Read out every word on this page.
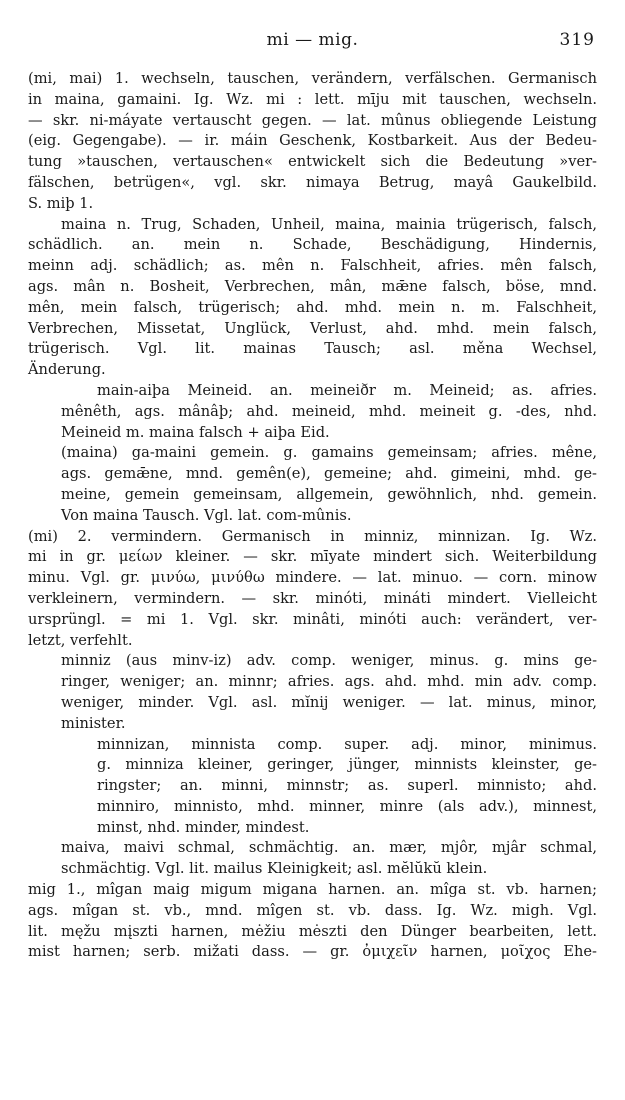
mi — mig.	319
(mi, mai) 1. wechseln, tauschen, verändern, verfälschen. Germanisch
in maina, gamaini. Ig. Wz. mi : lett. mīju mit tauschen, wechseln.
— skr. ni-máyate vertauscht gegen. — lat. mûnus obliegende Leistung
(eig. Gegengabe). — ir. máin Geschenk, Kostbarkeit. Aus der Bedeu-
tung »tauschen, vertauschen« entwickelt sich die Bedeutung »ver-
fälschen, betrügen«, vgl. skr. nimaya Betrug, mayâ Gaukelbild.
S. miþ 1.
maina n. Trug, Schaden, Unheil, maina, mainia trügerisch, falsch,
schädlich. an. mein n. Schade, Beschädigung, Hindernis,
meinn adj. schädlich; as. mên n. Falschheit, afries. mên falsch,
ags. mân n. Bosheit, Verbrechen, mân, mǣne falsch, böse, mnd.
mên, mein falsch, trügerisch; ahd. mhd. mein n. m. Falschheit,
Verbrechen, Missetat, Unglück, Verlust, ahd. mhd. mein falsch,
trügerisch. Vgl. lit. mainas Tausch; asl. měna Wechsel,
Änderung.
main-aiþa Meineid. an. meineiðr m. Meineid; as. afries.
mênêth, ags. mânâþ; ahd. meineid, mhd. meineit g. -des, nhd.
Meineid m. maina falsch + aiþa Eid.
(maina) ga-maini gemein. g. gamains gemeinsam; afries. mêne,
ags. gemǣne, mnd. gemên(e), gemeine; ahd. gimeini, mhd. ge-
meine, gemein gemeinsam, allgemein, gewöhnlich, nhd. gemein.
Von maina Tausch. Vgl. lat. com-mûnis.
(mi) 2. vermindern. Germanisch in minniz, minnizan. Ig. Wz.
mi in gr. μείων kleiner. — skr. mīyate mindert sich. Weiterbildung
minu. Vgl. gr. μινύω, μινύθω mindere. — lat. minuo. — corn. minow
verkleinern, vermindern. — skr. minóti, mináti mindert. Vielleicht
ursprüngl. = mi 1. Vgl. skr. minâti, minóti auch: verändert, ver-
letzt, verfehlt.
minniz (aus minv-iz) adv. comp. weniger, minus. g. mins ge-
ringer, weniger; an. minnr; afries. ags. ahd. mhd. min adv. comp.
weniger, minder. Vgl. asl. mĭnij weniger. — lat. minus, minor,
minister.
minnizan, minnista comp. super. adj. minor, minimus.
g. minniza kleiner, geringer, jünger, minnists kleinster, ge-
ringster; an. minni, minnstr; as. superl. minnisto; ahd.
minniro, minnisto, mhd. minner, minre (als adv.), minnest,
minst, nhd. minder, mindest.
maiva, maivi schmal, schmächtig. an. mær, mjôr, mjâr schmal,
schmächtig. Vgl. lit. mailus Kleinigkeit; asl. mĕlŭkŭ klein.
mig 1., mîgan maig migum migana harnen. an. mîga st. vb. harnen;
ags. mîgan st. vb., mnd. mîgen st. vb. dass. Ig. Wz. migh. Vgl.
lit. męžu mįszti harnen, mėžiu mėszti den Dünger bearbeiten, lett.
mist harnen; serb. mižati dass. — gr. ὀμιχεῖν harnen, μοῖχος Ehe-
